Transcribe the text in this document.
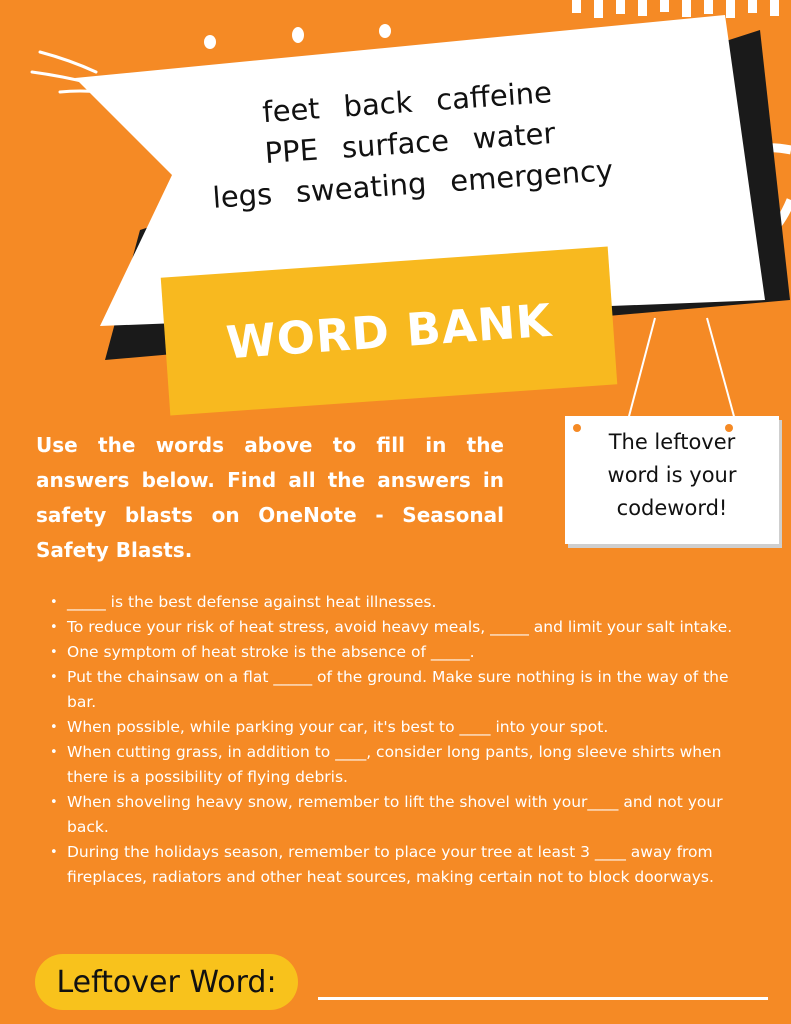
WORD BANK
feet back caffeine
PPE surface water
legs sweating emergency
Use the words above to fill in the answers below. Find all the answers in safety blasts on OneNote - Seasonal Safety Blasts.
The leftover
word is your
codeword!
• _____ is the best defense against heat illnesses.
• To reduce your risk of heat stress, avoid heavy meals, _____ and limit your salt intake.
• One symptom of heat stroke is the absence of _____.
• Put the chainsaw on a flat _____ of the ground. Make sure nothing is in the way of the bar.
• When possible, while parking your car, it's best to ____ into your spot.
• When cutting grass, in addition to ____, consider long pants, long sleeve shirts when there is a possibility of flying debris.
• When shoveling heavy snow, remember to lift the shovel with your____ and not your back.
• During the holidays season, remember to place your tree at least 3 ____ away from fireplaces, radiators and other heat sources, making certain not to block doorways.
Leftover Word:
